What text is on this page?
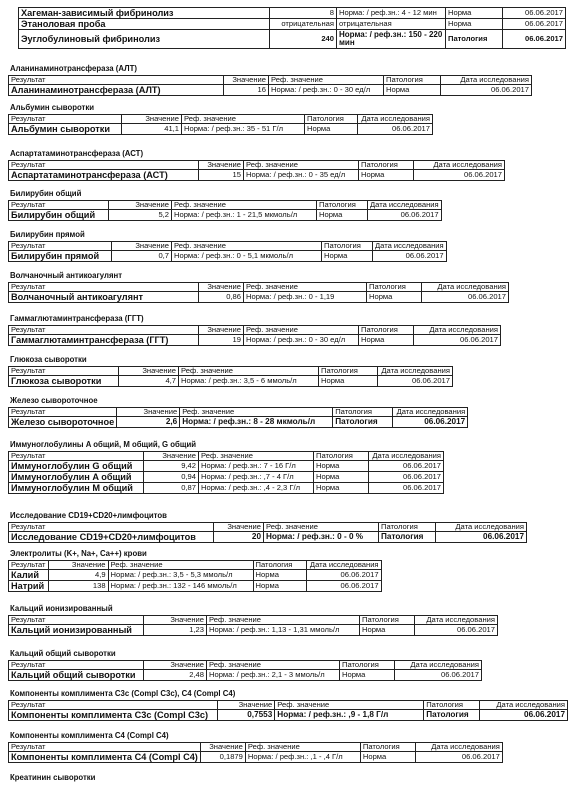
Хагеман-зависимый фибринолиз	8	Норма: / реф.зн.: 4 - 12 мин	Норма	06.06.2017
Этаноловая проба	отрицательная	отрицательная	Норма	06.06.2017
Эуглобулиновый фибринолиз	240	Норма: / реф.зн.: 150 - 220 мин	Патология	06.06.2017
Аланинаминотрансфераза (АЛТ)
Результат	Значение	Реф. значение	Патология	Дата исследования
Аланинаминотрансфераза (АЛТ)	16	Норма: / реф.зн.: 0 - 30 ед/л	Норма	06.06.2017
Альбумин сыворотки
Результат	Значение	Реф. значение	Патология	Дата исследования
Альбумин сыворотки	41,1	Норма: / реф.зн.: 35 - 51 Г/л	Норма	06.06.2017
Аспартатаминотрансфераза (АСТ)
Результат	Значение	Реф. значение	Патология	Дата исследования
Аспартатаминотрансфераза (АСТ)	15	Норма: / реф.зн.: 0 - 35 ед/л	Норма	06.06.2017
Билирубин общий
Результат	Значение	Реф. значение	Патология	Дата исследования
Билирубин общий	5,2	Норма: / реф.зн.: 1 - 21,5 мкмоль/л	Норма	06.06.2017
Билирубин прямой
Результат	Значение	Реф. значение	Патология	Дата исследования
Билирубин прямой	0,7	Норма: / реф.зн.: 0 - 5,1 мкмоль/л	Норма	06.06.2017
Волчаночный антикоагулянт
Результат	Значение	Реф. значение	Патология	Дата исследования
Волчаночный антикоагулянт	0,86	Норма: / реф.зн.: 0 - 1,19	Норма	06.06.2017
Гаммаглютаминтрансфераза (ГГТ)
Результат	Значение	Реф. значение	Патология	Дата исследования
Гаммаглютаминтрансфераза (ГГТ)	19	Норма: / реф.зн.: 0 - 30 ед/л	Норма	06.06.2017
Глюкоза сыворотки
Результат	Значение	Реф. значение	Патология	Дата исследования
Глюкоза сыворотки	4,7	Норма: / реф.зн.: 3,5 - 6 ммоль/л	Норма	06.06.2017
Железо сывороточное
Результат	Значение	Реф. значение	Патология	Дата исследования
Железо сывороточное	2,6	Норма: / реф.зн.: 8 - 28 мкмоль/л	Патология	06.06.2017
Иммуноглобулины A общий, M общий, G общий
Результат	Значение	Реф. значение	Патология	Дата исследования
Иммуноглобулин G общий	9,42	Норма: / реф.зн.: 7 - 16 Г/л	Норма	06.06.2017
Иммуноглобулин A общий	0,94	Норма: / реф.зн.: ,7 - 4 Г/л	Норма	06.06.2017
Иммуноглобулин M общий	0,87	Норма: / реф.зн.: ,4 - 2,3 Г/л	Норма	06.06.2017
Исследование CD19+CD20+лимфоцитов
Результат	Значение	Реф. значение	Патология	Дата исследования
Исследование CD19+CD20+лимфоцитов	20	Норма: / реф.зн.: 0 - 0 %	Патология	06.06.2017
Электролиты (K+, Na+, Ca++) крови
Результат	Значение	Реф. значение	Патология	Дата исследования
Калий	4,9	Норма: / реф.зн.: 3,5 - 5,3 ммоль/л	Норма	06.06.2017
Натрий	138	Норма: / реф.зн.: 132 - 146 ммоль/л	Норма	06.06.2017
Кальций ионизированный
Результат	Значение	Реф. значение	Патология	Дата исследования
Кальций ионизированный	1,23	Норма: / реф.зн.: 1,13 - 1,31 ммоль/л	Норма	06.06.2017
Кальций общий сыворотки
Результат	Значение	Реф. значение	Патология	Дата исследования
Кальций общий сыворотки	2,48	Норма: / реф.зн.: 2,1 - 3 ммоль/л	Норма	06.06.2017
Компоненты комплимента C3c (Compl C3c), C4 (Compl C4)
Результат	Значение	Реф. значение	Патология	Дата исследования
Компоненты комплимента C3c (Compl C3c)	0,7553	Норма: / реф.зн.: ,9 - 1,8 Г/л	Патология	06.06.2017
Компоненты комплимента C4 (Compl C4)
Результат	Значение	Реф. значение	Патология	Дата исследования
Компоненты комплимента C4 (Compl C4)	0,1879	Норма: / реф.зн.: ,1 - ,4 Г/л	Норма	06.06.2017
Креатинин сыворотки
